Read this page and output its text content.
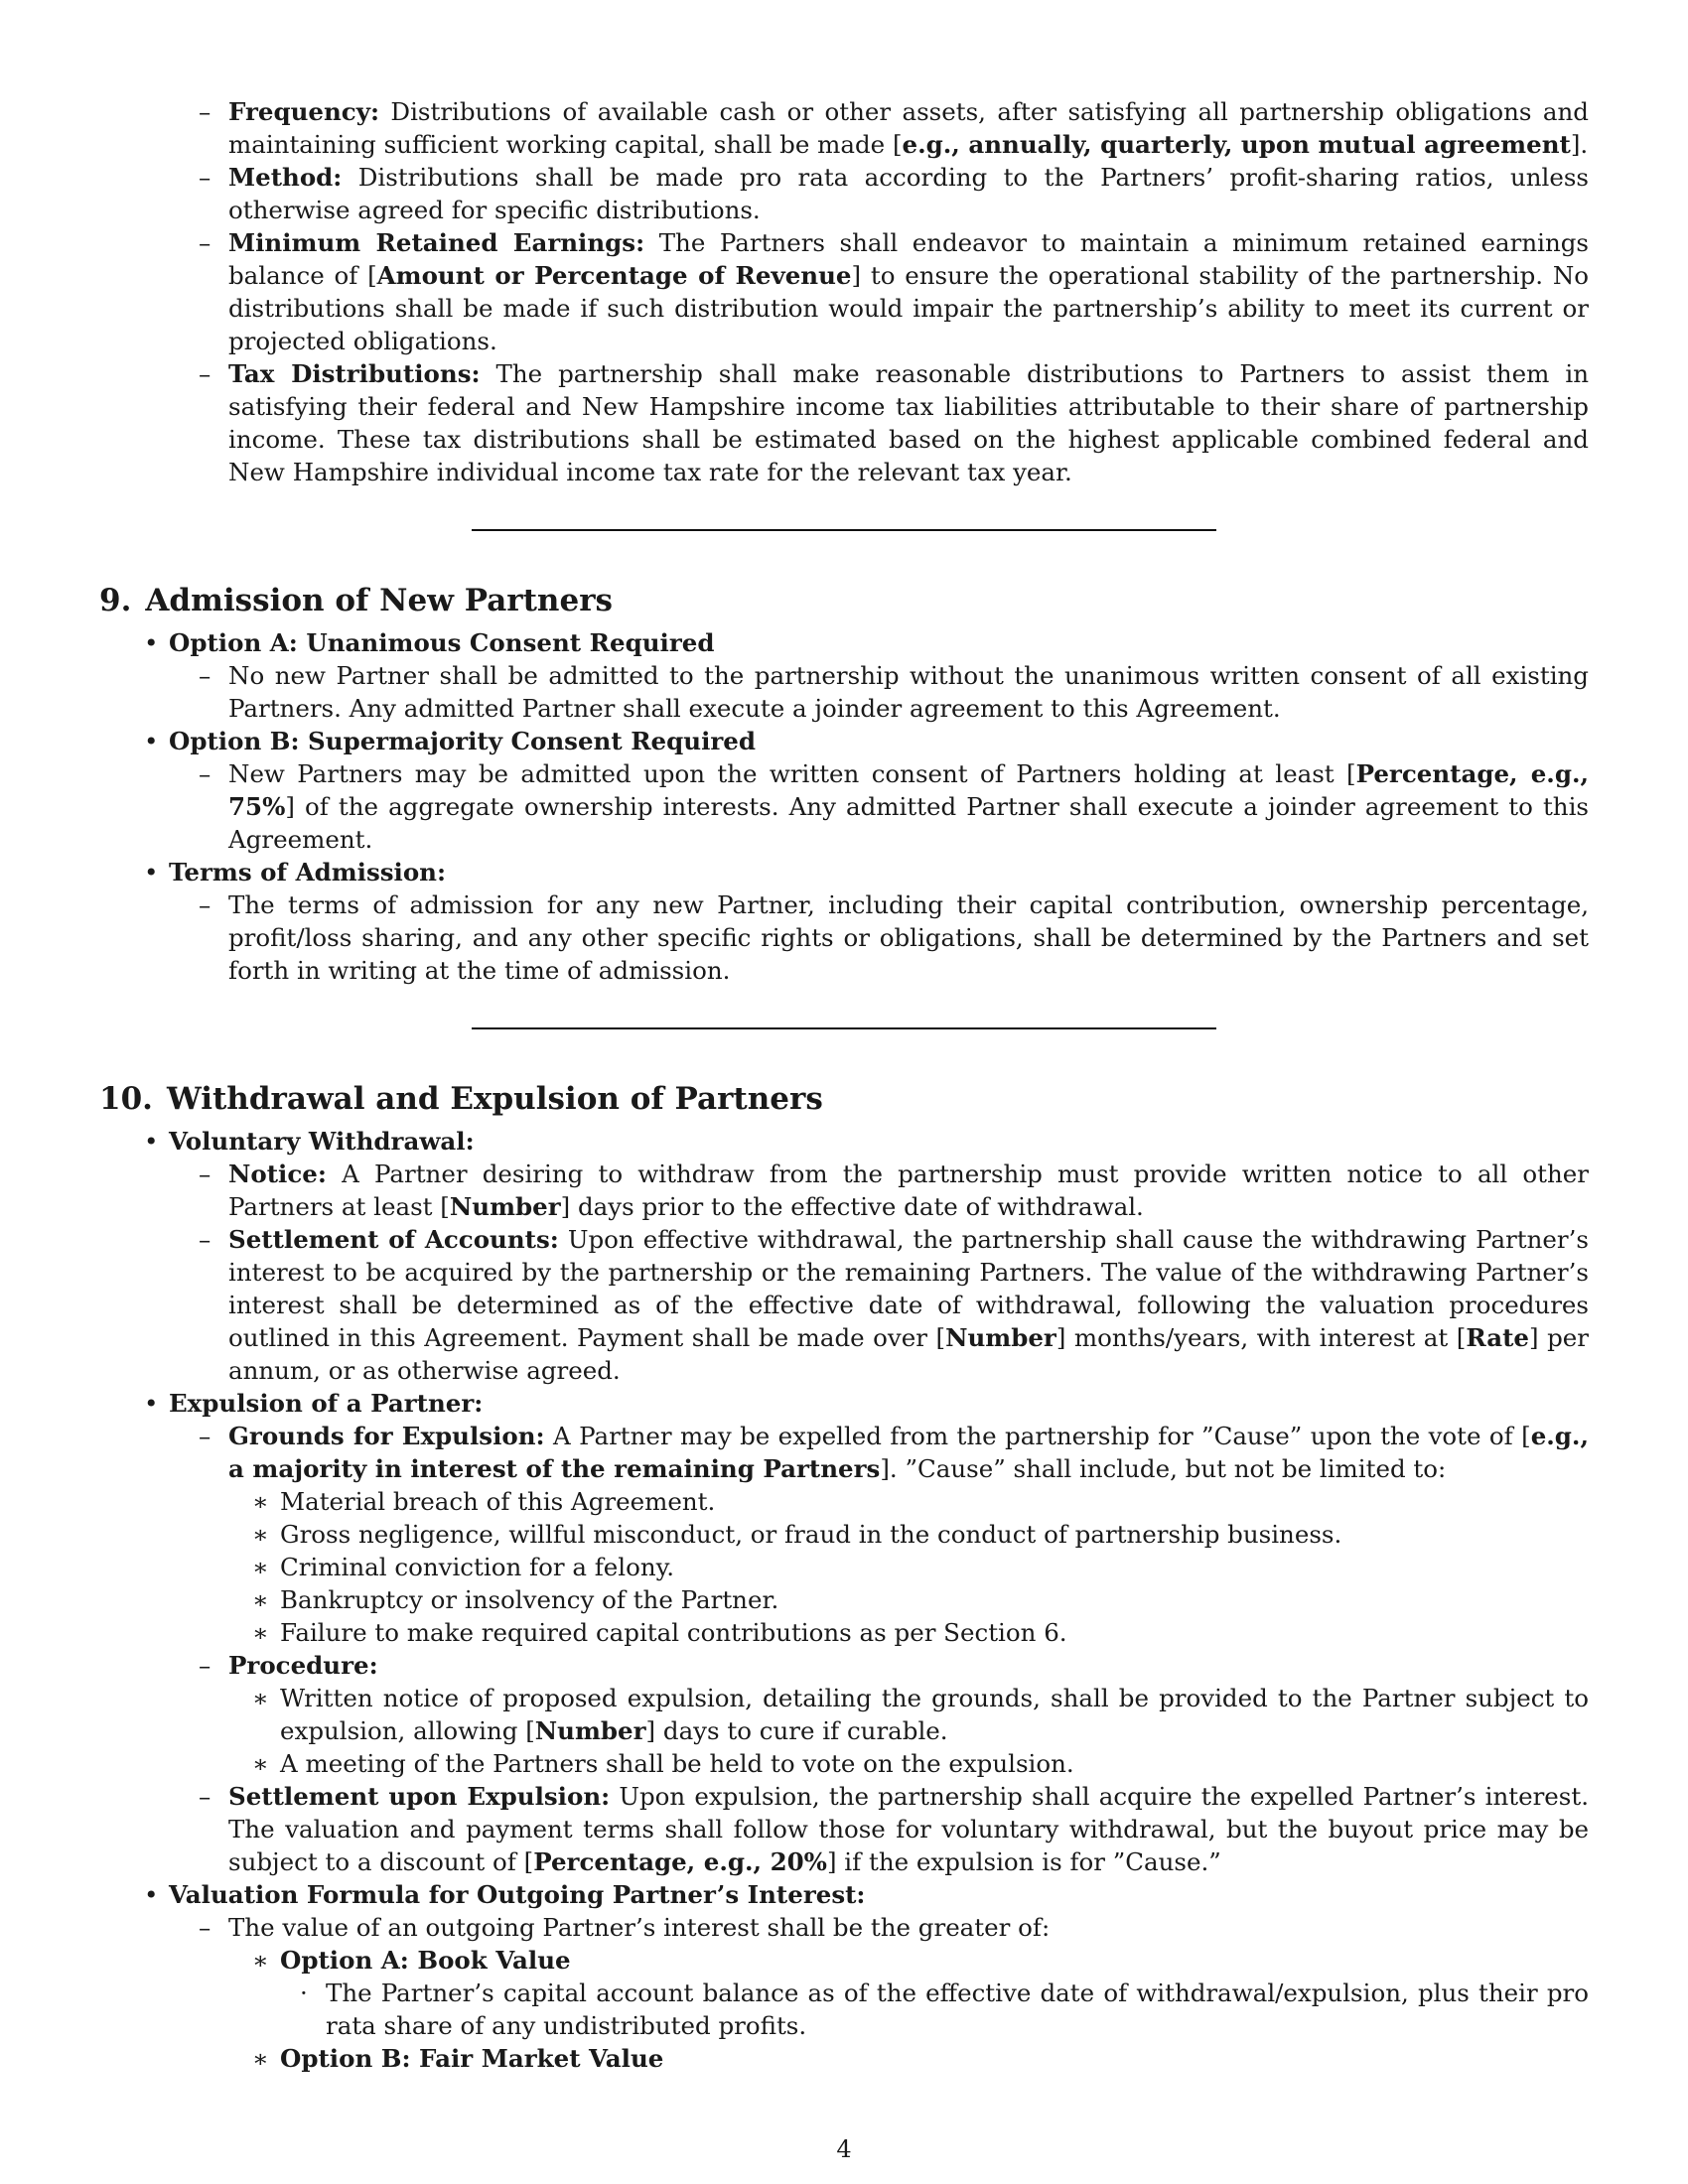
– Frequency: Distributions of available cash or other assets, after satisfying all partnership obligations and maintaining sufficient working capital, shall be made [e.g., annually, quarterly, upon mutual agreement].
– Method: Distributions shall be made pro rata according to the Partners’ profit-sharing ratios, unless otherwise agreed for specific distributions.
– Minimum Retained Earnings: The Partners shall endeavor to maintain a minimum retained earnings balance of [Amount or Percentage of Revenue] to ensure the operational stability of the partnership. No distributions shall be made if such distribution would impair the partnership’s ability to meet its current or projected obligations.
– Tax Distributions: The partnership shall make reasonable distributions to Partners to assist them in satisfying their federal and New Hampshire income tax liabilities attributable to their share of partnership income. These tax distributions shall be estimated based on the highest applicable combined federal and New Hampshire individual income tax rate for the relevant tax year.
9. Admission of New Partners
• Option A: Unanimous Consent Required
– No new Partner shall be admitted to the partnership without the unanimous written consent of all existing Partners. Any admitted Partner shall execute a joinder agreement to this Agreement.
• Option B: Supermajority Consent Required
– New Partners may be admitted upon the written consent of Partners holding at least [Percentage, e.g., 75%] of the aggregate ownership interests. Any admitted Partner shall execute a joinder agreement to this Agreement.
• Terms of Admission:
– The terms of admission for any new Partner, including their capital contribution, ownership percentage, profit/loss sharing, and any other specific rights or obligations, shall be determined by the Partners and set forth in writing at the time of admission.
10. Withdrawal and Expulsion of Partners
• Voluntary Withdrawal:
– Notice: A Partner desiring to withdraw from the partnership must provide written notice to all other Partners at least [Number] days prior to the effective date of withdrawal.
– Settlement of Accounts: Upon effective withdrawal, the partnership shall cause the withdrawing Partner’s interest to be acquired by the partnership or the remaining Partners. The value of the withdrawing Partner’s interest shall be determined as of the effective date of withdrawal, following the valuation procedures outlined in this Agreement. Payment shall be made over [Number] months/years, with interest at [Rate] per annum, or as otherwise agreed.
• Expulsion of a Partner:
– Grounds for Expulsion: A Partner may be expelled from the partnership for ”Cause” upon the vote of [e.g., a majority in interest of the remaining Partners]. ”Cause” shall include, but not be limited to:
∗ Material breach of this Agreement.
∗ Gross negligence, willful misconduct, or fraud in the conduct of partnership business.
∗ Criminal conviction for a felony.
∗ Bankruptcy or insolvency of the Partner.
∗ Failure to make required capital contributions as per Section 6.
– Procedure:
∗ Written notice of proposed expulsion, detailing the grounds, shall be provided to the Partner subject to expulsion, allowing [Number] days to cure if curable.
∗ A meeting of the Partners shall be held to vote on the expulsion.
– Settlement upon Expulsion: Upon expulsion, the partnership shall acquire the expelled Partner’s interest. The valuation and payment terms shall follow those for voluntary withdrawal, but the buyout price may be subject to a discount of [Percentage, e.g., 20%] if the expulsion is for ”Cause.”
• Valuation Formula for Outgoing Partner’s Interest:
– The value of an outgoing Partner’s interest shall be the greater of:
∗ Option A: Book Value
· The Partner’s capital account balance as of the effective date of withdrawal/expulsion, plus their pro rata share of any undistributed profits.
∗ Option B: Fair Market Value
4
